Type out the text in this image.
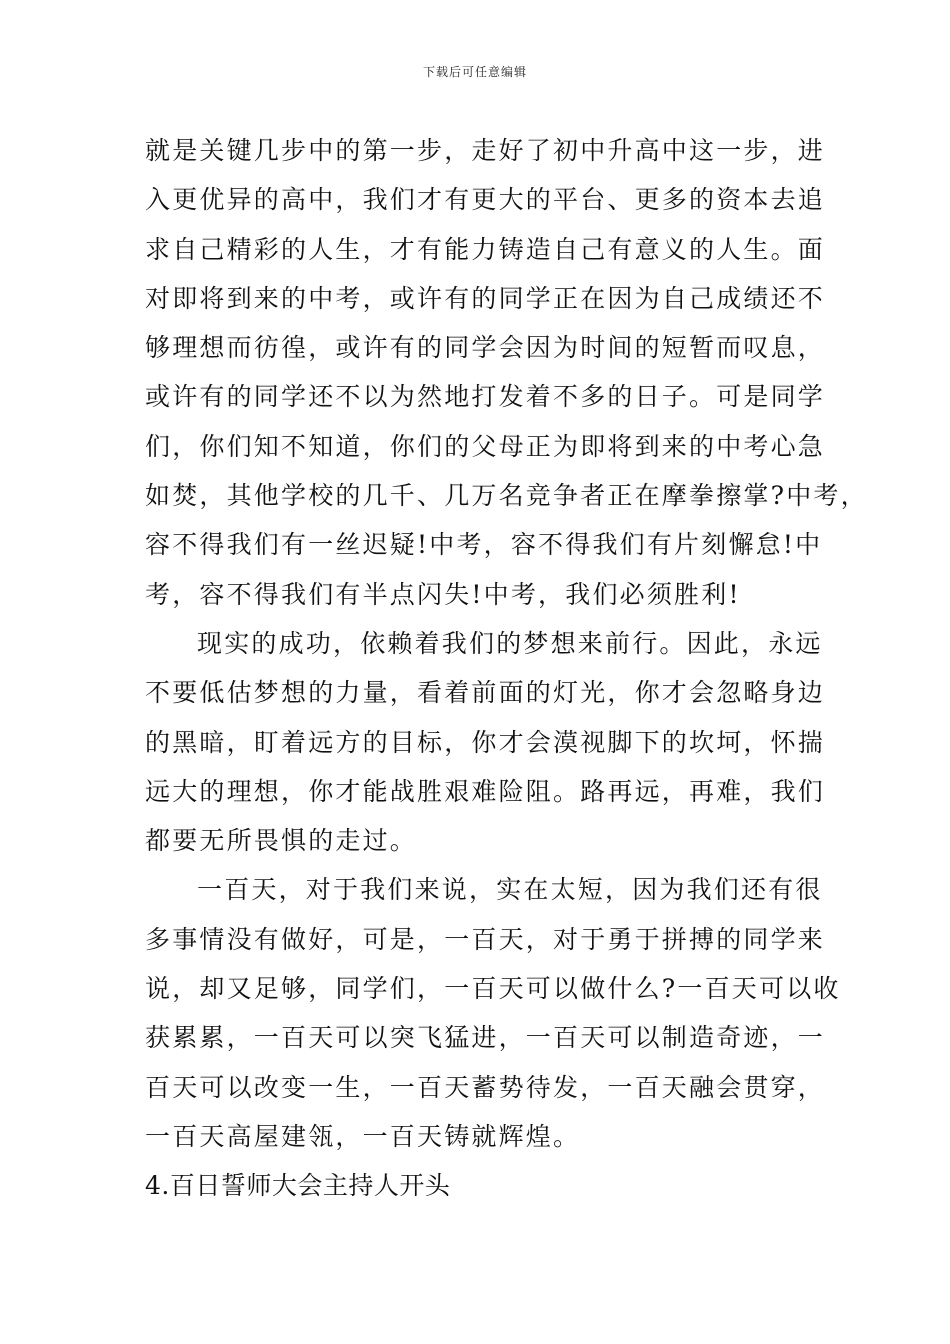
下载后可任意编辑
就是关键几步中的第一步，走好了初中升高中这一步，进
入更优异的高中，我们才有更大的平台、更多的资本去追
求自己精彩的人生，才有能力铸造自己有意义的人生。面
对即将到来的中考，或许有的同学正在因为自己成绩还不
够理想而彷徨，或许有的同学会因为时间的短暂而叹息，
或许有的同学还不以为然地打发着不多的日子。可是同学
们，你们知不知道，你们的父母正为即将到来的中考心急
如焚，其他学校的几千、几万名竞争者正在摩拳擦掌?中考，
容不得我们有一丝迟疑!中考，容不得我们有片刻懈怠!中
考，容不得我们有半点闪失!中考，我们必须胜利!
现实的成功，依赖着我们的梦想来前行。因此，永远
不要低估梦想的力量，看着前面的灯光，你才会忽略身边
的黑暗，盯着远方的目标，你才会漠视脚下的坎坷，怀揣
远大的理想，你才能战胜艰难险阻。路再远，再难，我们
都要无所畏惧的走过。
一百天，对于我们来说，实在太短，因为我们还有很
多事情没有做好，可是，一百天，对于勇于拼搏的同学来
说，却又足够，同学们，一百天可以做什么?一百天可以收
获累累，一百天可以突飞猛进，一百天可以制造奇迹，一
百天可以改变一生，一百天蓄势待发，一百天融会贯穿，
一百天高屋建瓴，一百天铸就辉煌。
4.百日誓师大会主持人开头
